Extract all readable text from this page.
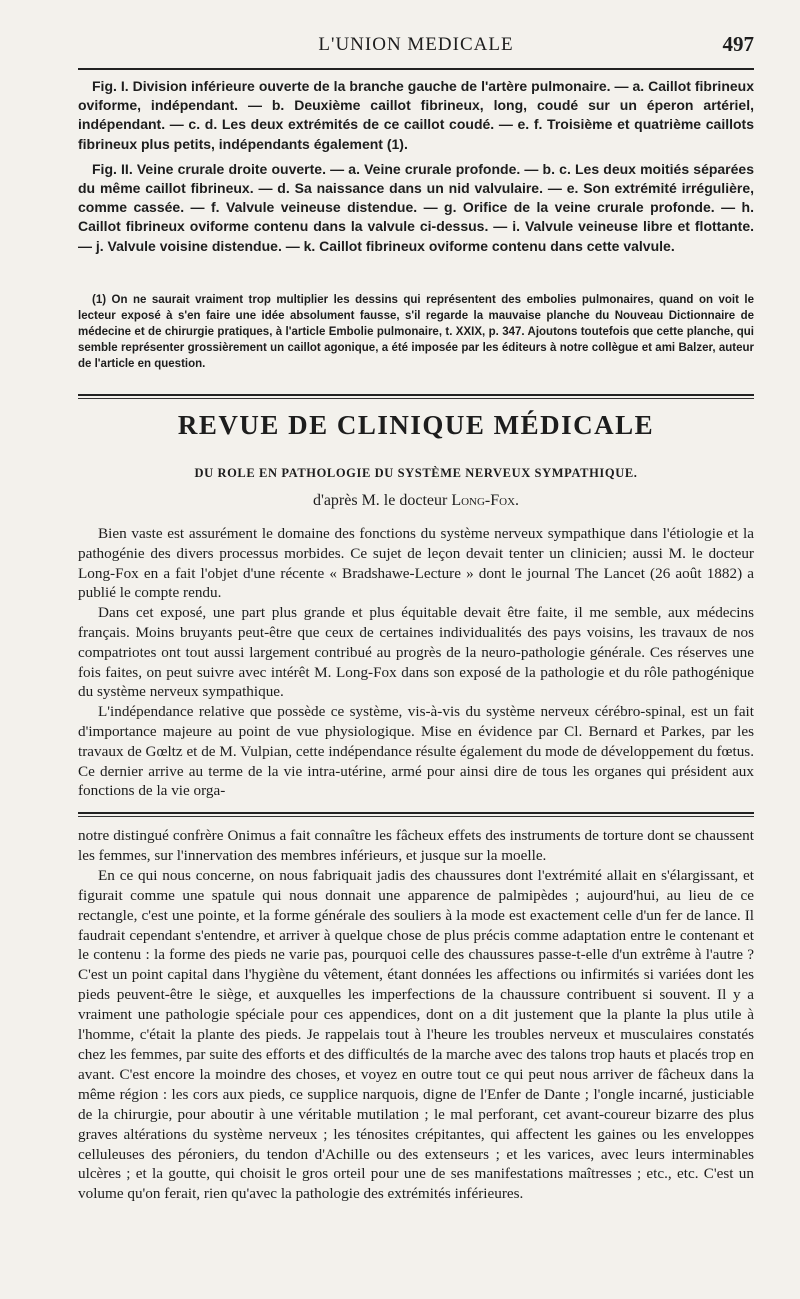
L'UNION MEDICALE	497

Fig. I. Division inférieure ouverte de la branche gauche de l'artère pulmonaire. — a. Caillot fibrineux oviforme, indépendant. — b. Deuxième caillot fibrineux, long, coudé sur un éperon artériel, indépendant. — c. d. Les deux extrémités de ce caillot coudé. — e. f. Troisième et quatrième caillots fibrineux plus petits, indépendants également (1).

Fig. II. Veine crurale droite ouverte. — a. Veine crurale profonde. — b. c. Les deux moitiés séparées du même caillot fibrineux. — d. Sa naissance dans un nid valvulaire. — e. Son extrémité irrégulière, comme cassée. — f. Valvule veineuse distendue. — g. Orifice de la veine crurale profonde. — h. Caillot fibrineux oviforme contenu dans la valvule ci-dessus. — i. Valvule veineuse libre et flottante. — j. Valvule voisine distendue. — k. Caillot fibrineux oviforme contenu dans cette valvule.

(1) On ne saurait vraiment trop multiplier les dessins qui représentent des embolies pulmonaires, quand on voit le lecteur exposé à s'en faire une idée absolument fausse, s'il regarde la mauvaise planche du Nouveau Dictionnaire de médecine et de chirurgie pratiques, à l'article Embolie pulmonaire, t. XXIX, p. 347. Ajoutons toutefois que cette planche, qui semble représenter grossièrement un caillot agonique, a été imposée par les éditeurs à notre collègue et ami Balzer, auteur de l'article en question.

REVUE DE CLINIQUE MÉDICALE
DU ROLE EN PATHOLOGIE DU SYSTÈME NERVEUX SYMPATHIQUE.
d'après M. le docteur Long-Fox.

Bien vaste est assurément le domaine des fonctions du système nerveux sympathique dans l'étiologie et la pathogénie des divers processus morbides. Ce sujet de leçon devait tenter un clinicien; aussi M. le docteur Long-Fox en a fait l'objet d'une récente « Bradshawe-Lecture » dont le journal The Lancet (26 août 1882) a publié le compte rendu.

Dans cet exposé, une part plus grande et plus équitable devait être faite, il me semble, aux médecins français. Moins bruyants peut-être que ceux de certaines individualités des pays voisins, les travaux de nos compatriotes ont tout aussi largement contribué au progrès de la neuro-pathologie générale. Ces réserves une fois faites, on peut suivre avec intérêt M. Long-Fox dans son exposé de la pathologie et du rôle pathogénique du système nerveux sympathique.

L'indépendance relative que possède ce système, vis-à-vis du système nerveux cérébro-spinal, est un fait d'importance majeure au point de vue physiologique. Mise en évidence par Cl. Bernard et Parkes, par les travaux de Gœltz et de M. Vulpian, cette indépendance résulte également du mode de développement du fœtus. Ce dernier arrive au terme de la vie intra-utérine, armé pour ainsi dire de tous les organes qui président aux fonctions de la vie orga-

notre distingué confrère Onimus a fait connaître les fâcheux effets des instruments de torture dont se chaussent les femmes, sur l'innervation des membres inférieurs, et jusque sur la moelle.

En ce qui nous concerne, on nous fabriquait jadis des chaussures dont l'extrémité allait en s'élargissant, et figurait comme une spatule qui nous donnait une apparence de palmipèdes ; aujourd'hui, au lieu de ce rectangle, c'est une pointe, et la forme générale des souliers à la mode est exactement celle d'un fer de lance. Il faudrait cependant s'entendre, et arriver à quelque chose de plus précis comme adaptation entre le contenant et le contenu : la forme des pieds ne varie pas, pourquoi celle des chaussures passe-t-elle d'un extrême à l'autre ? C'est un point capital dans l'hygiène du vêtement, étant données les affections ou infirmités si variées dont les pieds peuvent-être le siège, et auxquelles les imperfections de la chaussure contribuent si souvent. Il y a vraiment une pathologie spéciale pour ces appendices, dont on a dit justement que la plante la plus utile à l'homme, c'était la plante des pieds. Je rappelais tout à l'heure les troubles nerveux et musculaires constatés chez les femmes, par suite des efforts et des difficultés de la marche avec des talons trop hauts et placés trop en avant. C'est encore la moindre des choses, et voyez en outre tout ce qui peut nous arriver de fâcheux dans la même région : les cors aux pieds, ce supplice narquois, digne de l'Enfer de Dante ; l'ongle incarné, justiciable de la chirurgie, pour aboutir à une véritable mutilation ; le mal perforant, cet avant-coureur bizarre des plus graves altérations du système nerveux ; les ténosites crépitantes, qui affectent les gaines ou les enveloppes celluleuses des péroniers, du tendon d'Achille ou des extenseurs ; et les varices, avec leurs interminables ulcères ; et la goutte, qui choisit le gros orteil pour une de ses manifestations maîtresses ; etc., etc. C'est un volume qu'on ferait, rien qu'avec la pathologie des extrémités inférieures.
